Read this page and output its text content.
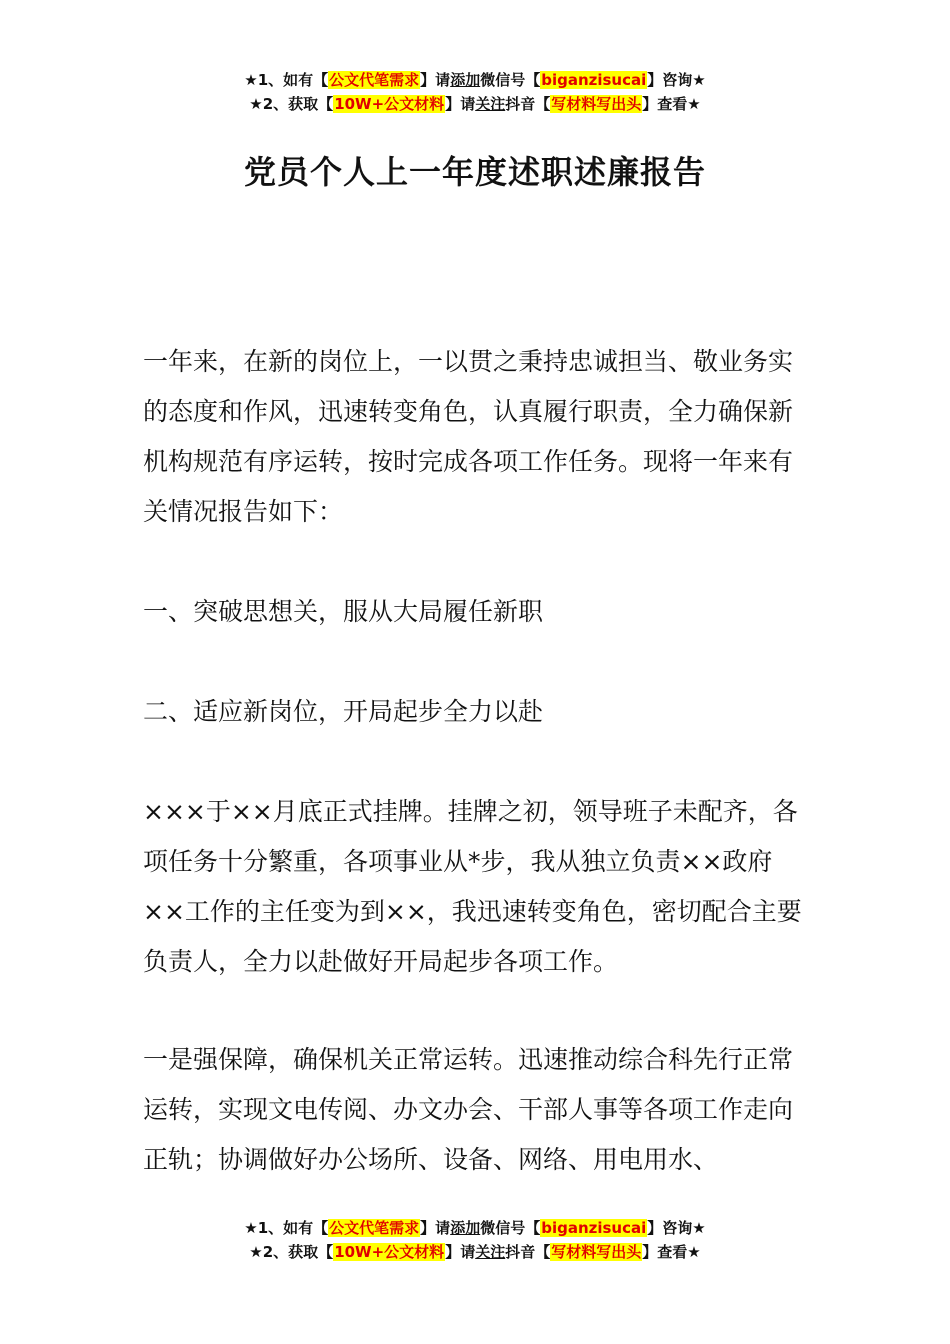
★1、如有【公文代笔需求】请添加微信号【biganzisucai】咨询★
★2、获取【10W+公文材料】请关注抖音【写材料写出头】查看★
党员个人上一年度述职述廉报告

一年来，在新的岗位上，一以贯之秉持忠诚担当、敬业务实的态度和作风，迅速转变角色，认真履行职责，全力确保新机构规范有序运转，按时完成各项工作任务。现将一年来有关情况报告如下：

一、突破思想关，服从大局履任新职

二、适应新岗位，开局起步全力以赴

×××于××月底正式挂牌。挂牌之初，领导班子未配齐，各项任务十分繁重，各项事业从*步，我从独立负责××政府××工作的主任变为到××，我迅速转变角色，密切配合主要负责人，全力以赴做好开局起步各项工作。

一是强保障，确保机关正常运转。迅速推动综合科先行正常运转，实现文电传阅、办文办会、干部人事等各项工作走向正轨；协调做好办公场所、设备、网络、用电用水、

★1、如有【公文代笔需求】请添加微信号【biganzisucai】咨询★
★2、获取【10W+公文材料】请关注抖音【写材料写出头】查看★
